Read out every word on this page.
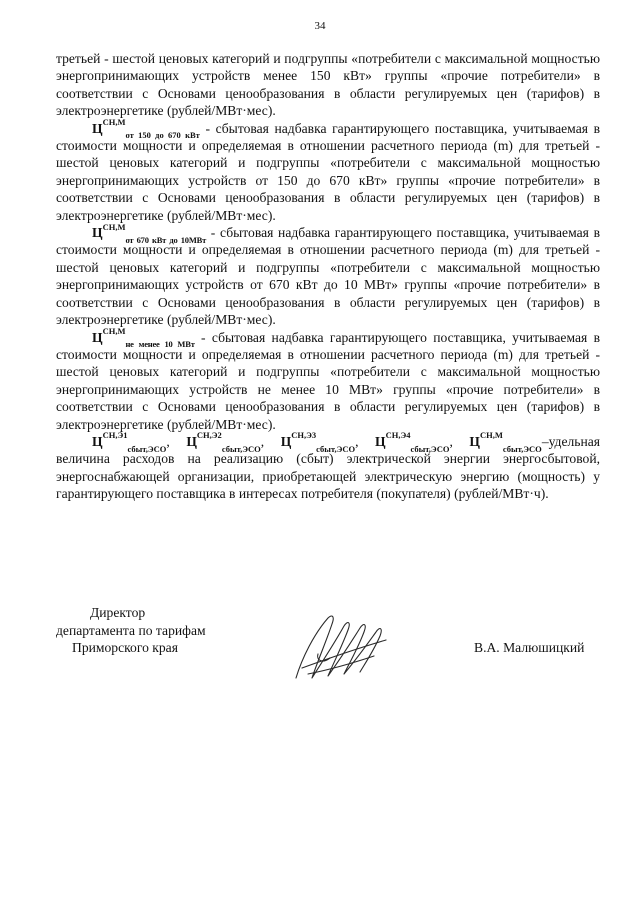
34

третьей - шестой ценовых категорий и подгруппы «потребители с максимальной мощностью энергопринимающих устройств менее 150 кВт» группы «прочие потребители» в соответствии с Основами ценообразования в области регулируемых цен (тарифов) в электроэнергетике (рублей/МВт·мес).

$Ц^{СН,М}_{от 150 до 670 кВт}$ - сбытовая надбавка гарантирующего поставщика, учитываемая в стоимости мощности и определяемая в отношении расчетного периода (m) для третьей - шестой ценовых категорий и подгруппы «потребители с максимальной мощностью энергопринимающих устройств от 150 до 670 кВт» группы «прочие потребители» в соответствии с Основами ценообразования в области регулируемых цен (тарифов) в электроэнергетике (рублей/МВт·мес).

$Ц^{СН,М}_{от 670 кВт до 10МВт}$ - сбытовая надбавка гарантирующего поставщика, учитываемая в стоимости мощности и определяемая в отношении расчетного периода (m) для третьей - шестой ценовых категорий и подгруппы «потребители с максимальной мощностью энергопринимающих устройств от 670 кВт до 10 МВт» группы «прочие потребители» в соответствии с Основами ценообразования в области регулируемых цен (тарифов) в электроэнергетике (рублей/МВт·мес).

$Ц^{СН,М}_{не менее 10 МВт}$ - сбытовая надбавка гарантирующего поставщика, учитываемая в стоимости мощности и определяемая в отношении расчетного периода (m) для третьей - шестой ценовых категорий и подгруппы «потребители с максимальной мощностью энергопринимающих устройств не менее 10 МВт» группы «прочие потребители» в соответствии с Основами ценообразования в области регулируемых цен (тарифов) в электроэнергетике (рублей/МВт·мес).

$Ц^{СН,Э1}_{сбыт,ЭСО}$, $Ц^{СН,Э2}_{сбыт,ЭСО}$, $Ц^{СН,Э3}_{сбыт,ЭСО}$, $Ц^{СН,Э4}_{сбыт,ЭСО}$, $Ц^{СН,М}_{сбыт,ЭСО}$–удельная величина расходов на реализацию (сбыт) электрической энергии энергосбытовой, энергоснабжающей организации, приобретающей электрическую энергию (мощность) у гарантирующего поставщика в интересах потребителя (покупателя) (рублей/МВт·ч).

Директор
департамента по тарифам
Приморского края	В.А. Малюшицкий
